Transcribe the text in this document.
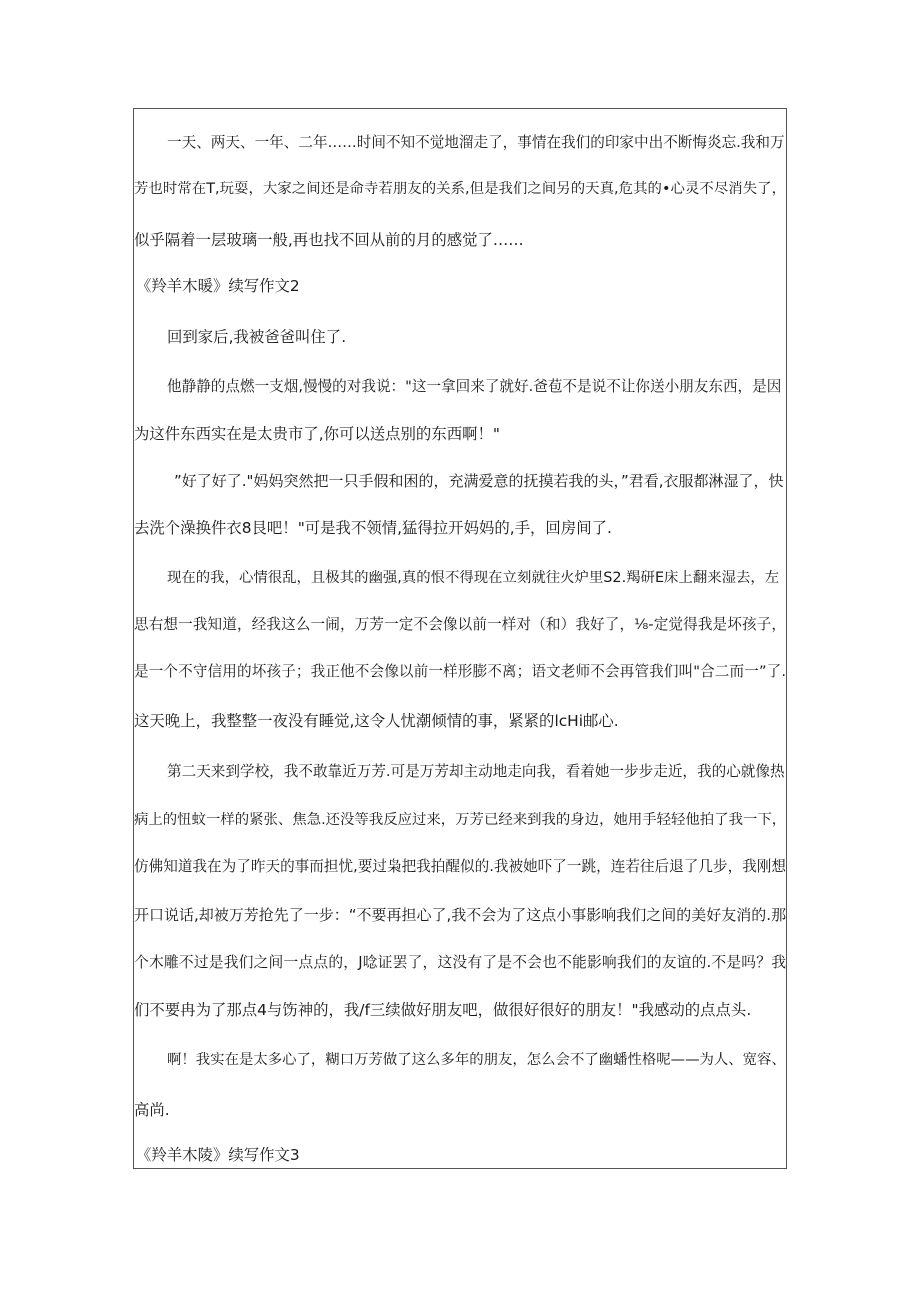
一天、两天、一年、二年……时间不知不觉地溜走了，事情在我们的印家中出不断悔炎忘.我和万
芳也时常在T,玩耍，大家之间还是命寺若朋友的关系,但是我们之间另的天真,危其的•心灵不尽消失了，
似乎隔着一层玻璃一般,再也找不回从前的月的感觉了……
《羚羊木暖》续写作文2
回到家后,我被爸爸叫住了.
他静静的点燃一支烟,慢慢的对我说："这一拿回来了就好.爸苞不是说不让你送小朋友东西，是因
为这件东西实在是太贵市了,你可以送点别的东西啊！"
”好了好了."妈妈突然把一只手假和困的，充满爱意的抚摸若我的头，”君看,衣服都淋湿了，快
去洗个澡换件衣8艮吧！"可是我不领情,猛得拉开妈妈的,手，回房间了.
现在的我，心情很乱，且极其的幽强,真的恨不得现在立刻就往火炉里S2.羯研E床上翻来湿去，左
思右想一我知道，经我这么一闹，万芳一定不会像以前一样对（和）我好了，⅛-定觉得我是坏孩子，
是一个不守信用的坏孩子；我正他不会像以前一样形膨不离；语文老师不会再管我们叫"合二而一”了.
这天晚上，我整整一夜没有睡觉,这令人忧潮倾情的事，紧紧的lcHi邮心.
第二天来到学校，我不敢靠近万芳.可是万芳却主动地走向我，看着她一步步走近，我的心就像热
病上的忸蚊一样的紧张、焦急.还没等我反应过来，万芳已经来到我的身边，她用手轻轻他拍了我一下，
仿佛知道我在为了昨天的事而担忧,要过枭把我拍醒似的.我被她吓了一跳，连若往后退了几步，我刚想
开口说话,却被万芳抢先了一步：“不要再担心了,我不会为了这点小事影响我们之间的美好友消的.那
个木雕不过是我们之间一点点的，J唸证罢了，这没有了是不会也不能影响我们的友谊的.不是吗？我
们不要冉为了那点4与饬神的，我/f三续做好朋友吧，做很好很好的朋友！"我感动的点点头.
啊！我实在是太多心了，糊口万芳做了这么多年的朋友，怎么会不了幽蟠性格呢——为人、宽容、
高尚.
《羚羊木陵》续写作文3
